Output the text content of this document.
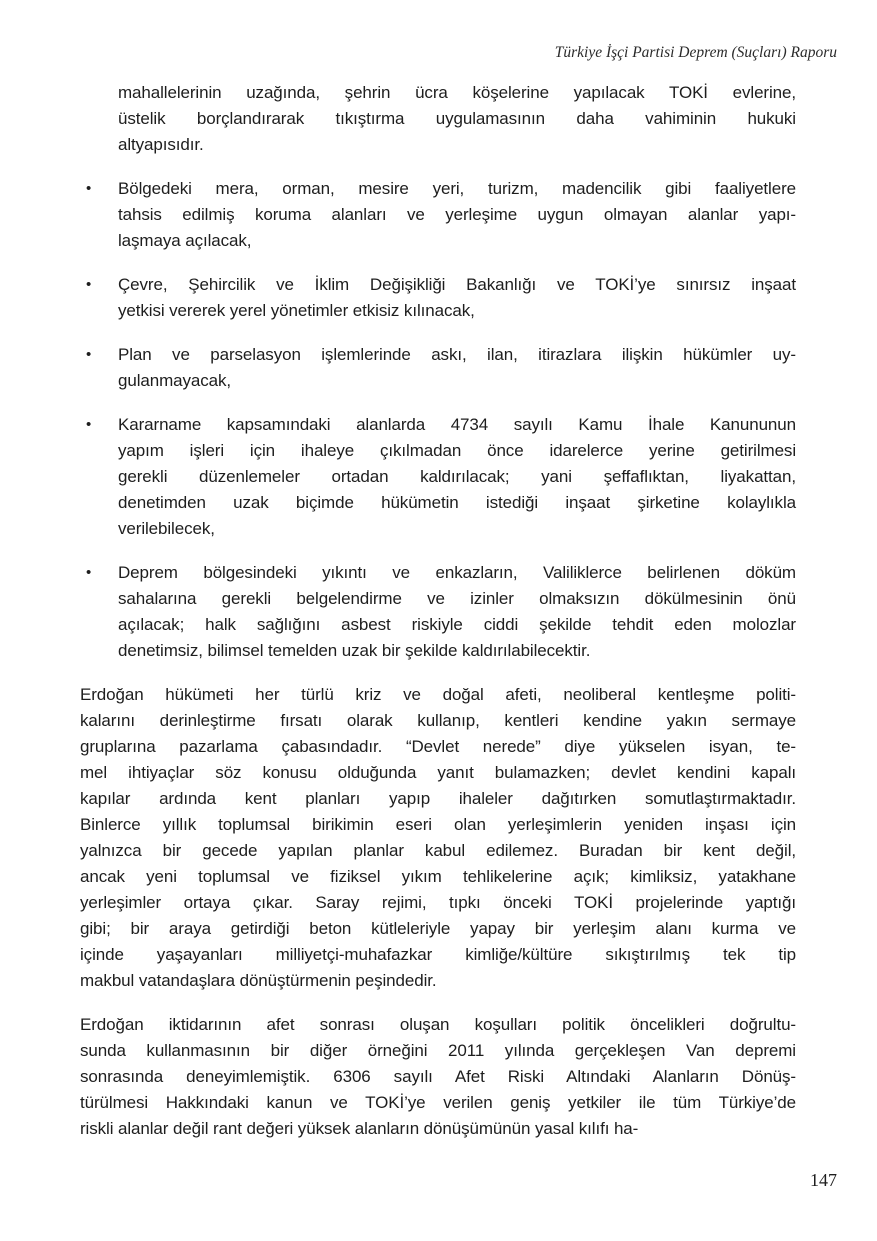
Türkiye İşçi Partisi Deprem (Suçları) Raporu
mahallelerinin uzağında, şehrin ücra köşelerine yapılacak TOKİ evlerine,
üstelik borçlandırarak tıkıştırma uygulamasının daha vahiminin hukuki
altyapısıdır.
• Bölgedeki mera, orman, mesire yeri, turizm, madencilik gibi faaliyetlere
tahsis edilmiş koruma alanları ve yerleşime uygun olmayan alanlar yapı-
laşmaya açılacak,
• Çevre, Şehircilik ve İklim Değişikliği Bakanlığı ve TOKİ’ye sınırsız inşaat
yetkisi vererek yerel yönetimler etkisiz kılınacak,
• Plan ve parselasyon işlemlerinde askı, ilan, itirazlara ilişkin hükümler uy-
gulanmayacak,
• Kararname kapsamındaki alanlarda 4734 sayılı Kamu İhale Kanununun
yapım işleri için ihaleye çıkılmadan önce idarelerce yerine getirilmesi
gerekli düzenlemeler ortadan kaldırılacak; yani şeffaflıktan, liyakattan,
denetimden uzak biçimde hükümetin istediği inşaat şirketine kolaylıkla
verilebilecek,
• Deprem bölgesindeki yıkıntı ve enkazların, Valiliklerce belirlenen döküm
sahalarına gerekli belgelendirme ve izinler olmaksızın dökülmesinin önü
açılacak; halk sağlığını asbest riskiyle ciddi şekilde tehdit eden molozlar
denetimsiz, bilimsel temelden uzak bir şekilde kaldırılabilecektir.
Erdoğan hükümeti her türlü kriz ve doğal afeti, neoliberal kentleşme politi-
kalarını derinleştirme fırsatı olarak kullanıp, kentleri kendine yakın sermaye
gruplarına pazarlama çabasındadır. “Devlet nerede” diye yükselen isyan, te-
mel ihtiyaçlar söz konusu olduğunda yanıt bulamazken; devlet kendini kapalı
kapılar ardında kent planları yapıp ihaleler dağıtırken somutlaştırmaktadır.
Binlerce yıllık toplumsal birikimin eseri olan yerleşimlerin yeniden inşası için
yalnızca bir gecede yapılan planlar kabul edilemez. Buradan bir kent değil,
ancak yeni toplumsal ve fiziksel yıkım tehlikelerine açık; kimliksiz, yatakhane
yerleşimler ortaya çıkar. Saray rejimi, tıpkı önceki TOKİ projelerinde yaptığı
gibi; bir araya getirdiği beton kütleleriyle yapay bir yerleşim alanı kurma ve
içinde yaşayanları milliyetçi-muhafazkar kimliğe/kültüre sıkıştırılmış tek tip
makbul vatandaşlara dönüştürmenin peşindedir.
Erdoğan iktidarının afet sonrası oluşan koşulları politik öncelikleri doğrultu-
sunda kullanmasının bir diğer örneğini 2011 yılında gerçekleşen Van depremi
sonrasında deneyimlemiştik. 6306 sayılı Afet Riski Altındaki Alanların Dönüş-
türülmesi Hakkındaki kanun ve TOKİ’ye verilen geniş yetkiler ile tüm Türkiye’de
riskli alanlar değil rant değeri yüksek alanların dönüşümünün yasal kılıfı ha-
147
